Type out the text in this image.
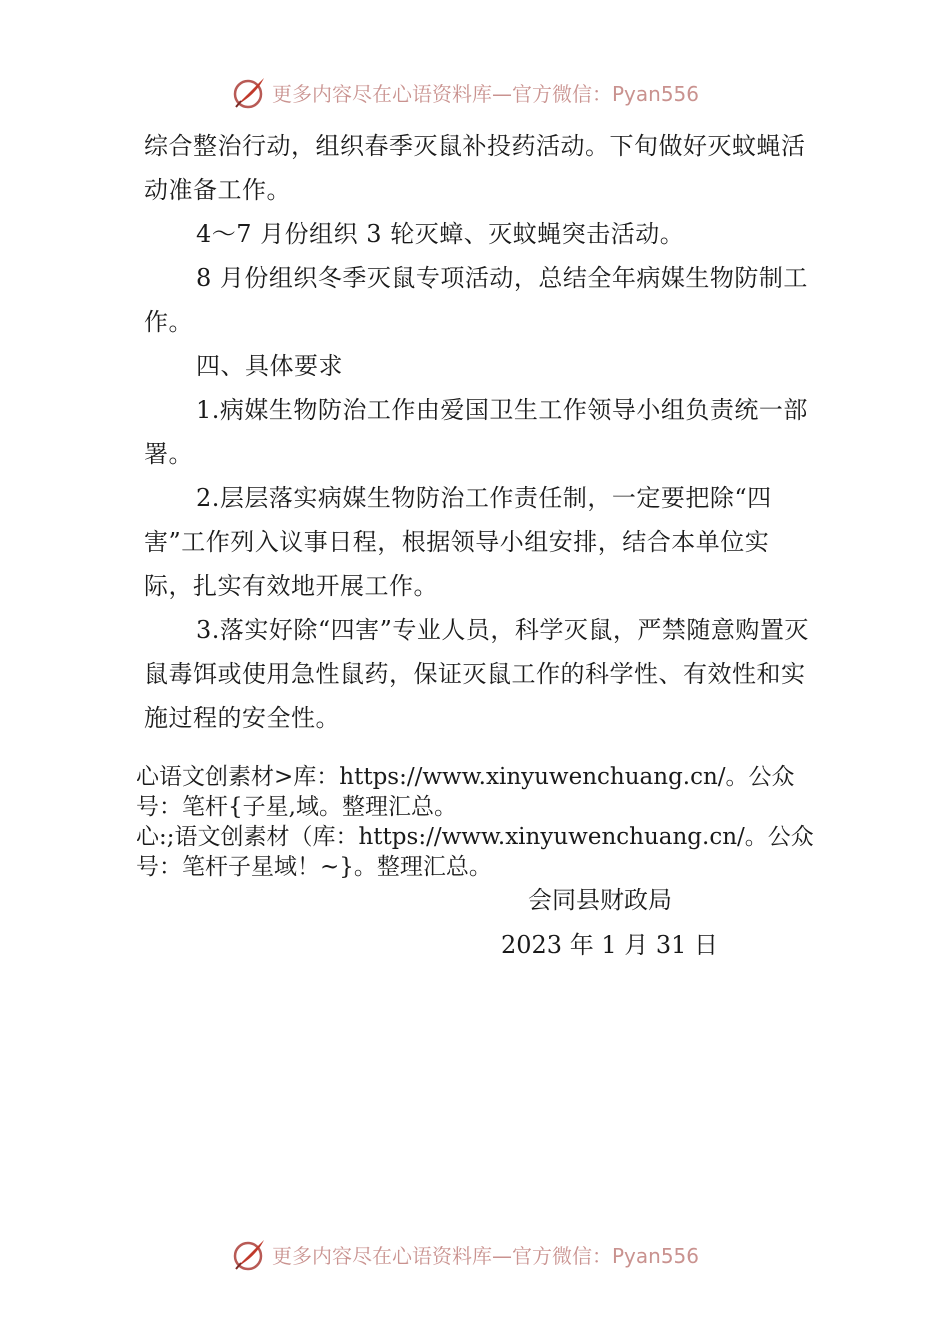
更多内容尽在心语资料库—官方微信：Pyan556

综合整治行动，组织春季灭鼠补投药活动。下旬做好灭蚊蝇活动准备工作。

4～7 月份组织 3 轮灭蟑、灭蚊蝇突击活动。

8 月份组织冬季灭鼠专项活动，总结全年病媒生物防制工作。

四、具体要求

1.病媒生物防治工作由爱国卫生工作领导小组负责统一部署。

2.层层落实病媒生物防治工作责任制，一定要把除“四害”工作列入议事日程，根据领导小组安排，结合本单位实际，扎实有效地开展工作。

3.落实好除“四害”专业人员，科学灭鼠，严禁随意购置灭鼠毒饵或使用急性鼠药，保证灭鼠工作的科学性、有效性和实施过程的安全性。

心语文创素材>库：https://www.xinyuwenchuang.cn/。公众号：笔杆{子星,域。整理汇总。

心:;语文创素材（库：https://www.xinyuwenchuang.cn/。公众号：笔杆子星域！~}。整理汇总。

会同县财政局
2023 年 1 月 31 日
更多内容尽在心语资料库—官方微信：Pyan556
